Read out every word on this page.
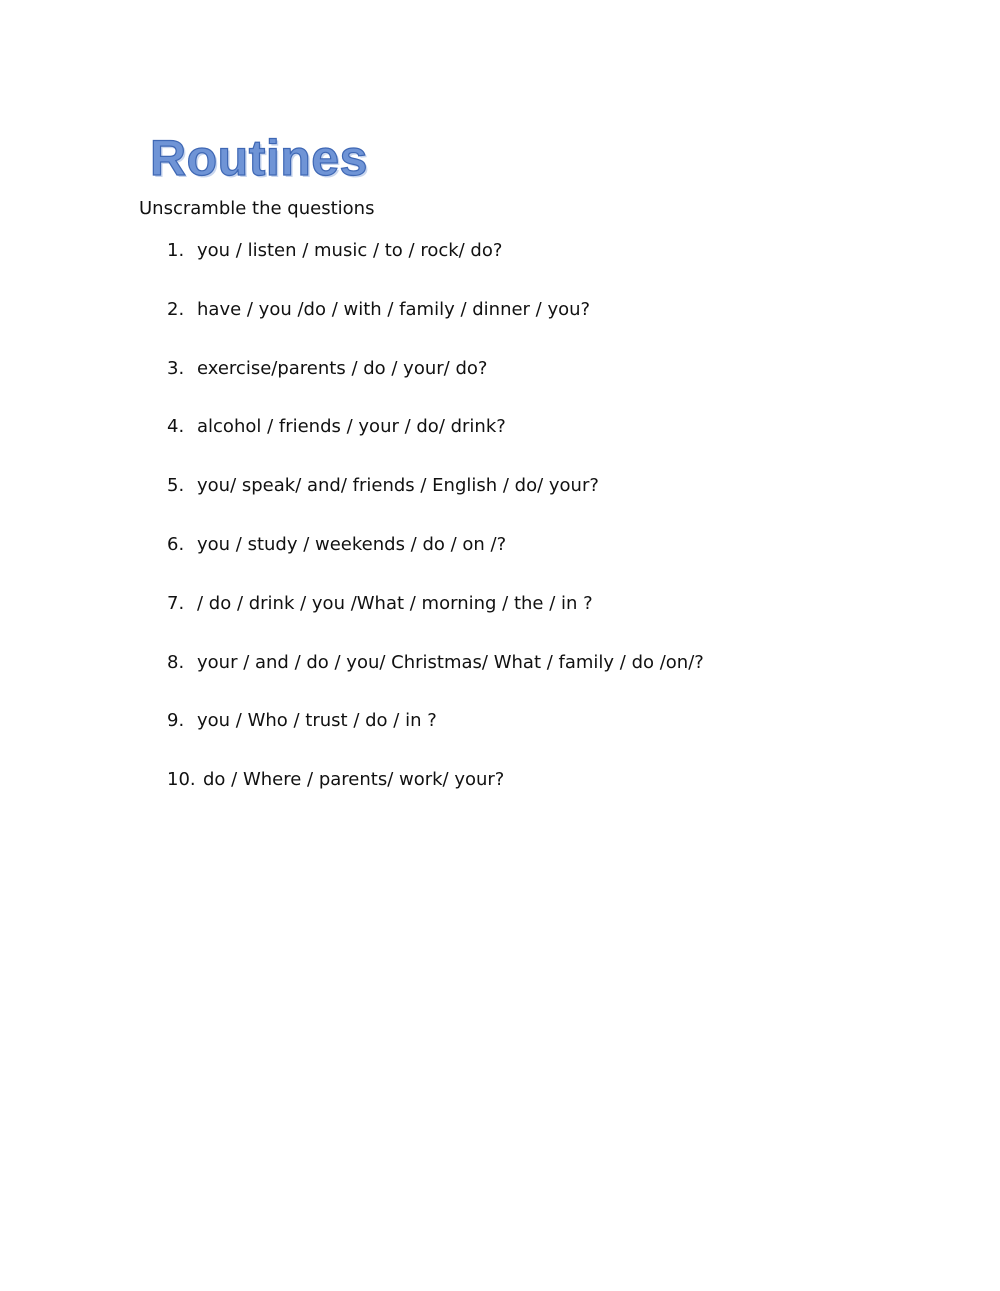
Routines
Unscramble the questions
1. you / listen / music / to / rock/ do?
2. have / you /do / with / family / dinner / you?
3. exercise/parents / do / your/ do?
4. alcohol / friends / your / do/ drink?
5. you/ speak/ and/ friends / English / do/ your?
6. you / study / weekends / do / on /?
7. / do / drink / you /What / morning / the / in ?
8. your / and / do / you/ Christmas/ What / family / do /on/?
9. you / Who / trust / do / in ?
10. do / Where / parents/ work/ your?
